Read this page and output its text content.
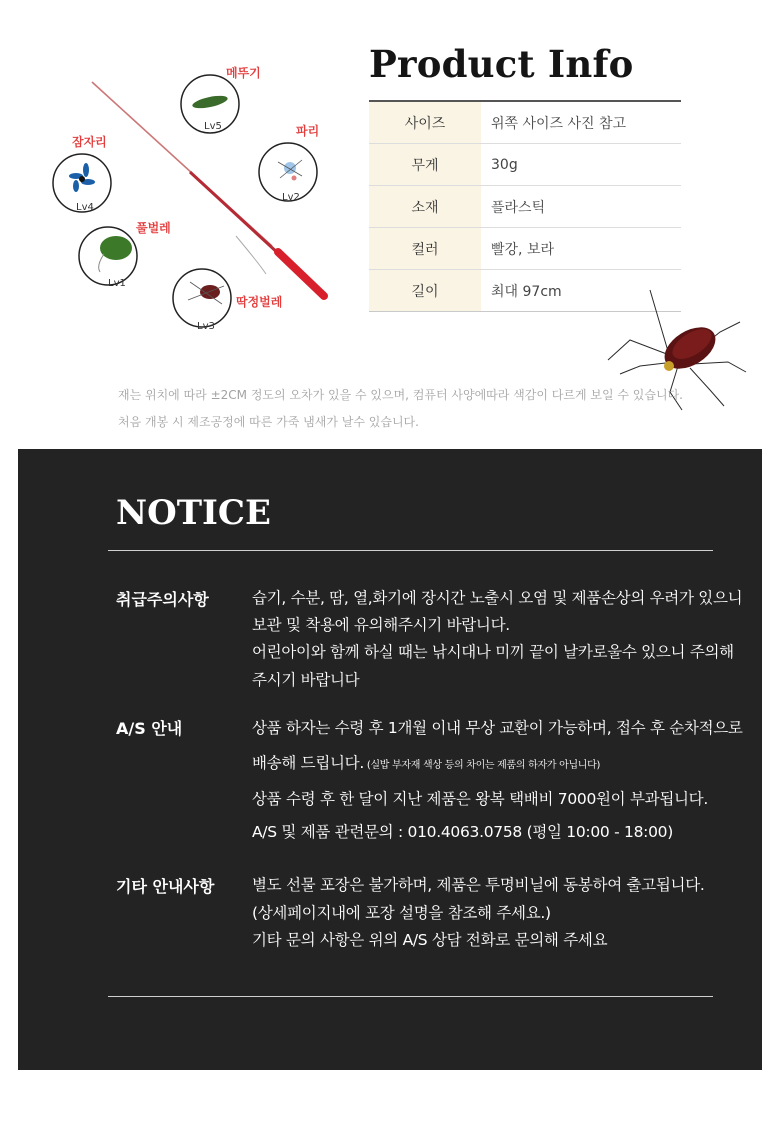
메뚜기
Lv5
잠자리
Lv4
파리
Lv2
풀벌레
Lv1
딱정벌레
Lv3
Product Info
사이즈	위쪽 사이즈 사진 참고
무게	30g
소재	플라스틱
컬러	빨강, 보라
길이	최대 97cm
재는 위치에 따라 ±2CM 정도의 오차가 있을 수 있으며, 컴퓨터 사양에따라 색감이 다르게 보일 수 있습니다.
처음 개봉 시 제조공정에 따른 가죽 냄새가 날수 있습니다.
NOTICE
취급주의사항	습기, 수분, 땀, 열,화기에 장시간 노출시 오염 및 제품손상의 우려가 있으니
보관 및 착용에 유의해주시기 바랍니다.
어린아이와 함께 하실 때는 낚시대나 미끼 끝이 날카로울수 있으니 주의해
주시기 바랍니다
A/S 안내	상품 하자는 수령 후 1개월 이내 무상 교환이 가능하며, 접수 후 순차적으로
배송해 드립니다. (실밥 부자재 색상 등의 차이는 제품의 하자가 아닙니다)
상품 수령 후 한 달이 지난 제품은 왕복 택배비 7000원이 부과됩니다.
A/S 및 제품 관련문의 : 010.4063.0758 (평일 10:00 - 18:00)
기타 안내사항 별도 선물 포장은 불가하며, 제품은 투명비닐에 동봉하여 출고됩니다.
(상세페이지내에 포장 설명을 참조해 주세요.)
기타 문의 사항은 위의 A/S 상담 전화로 문의해 주세요
